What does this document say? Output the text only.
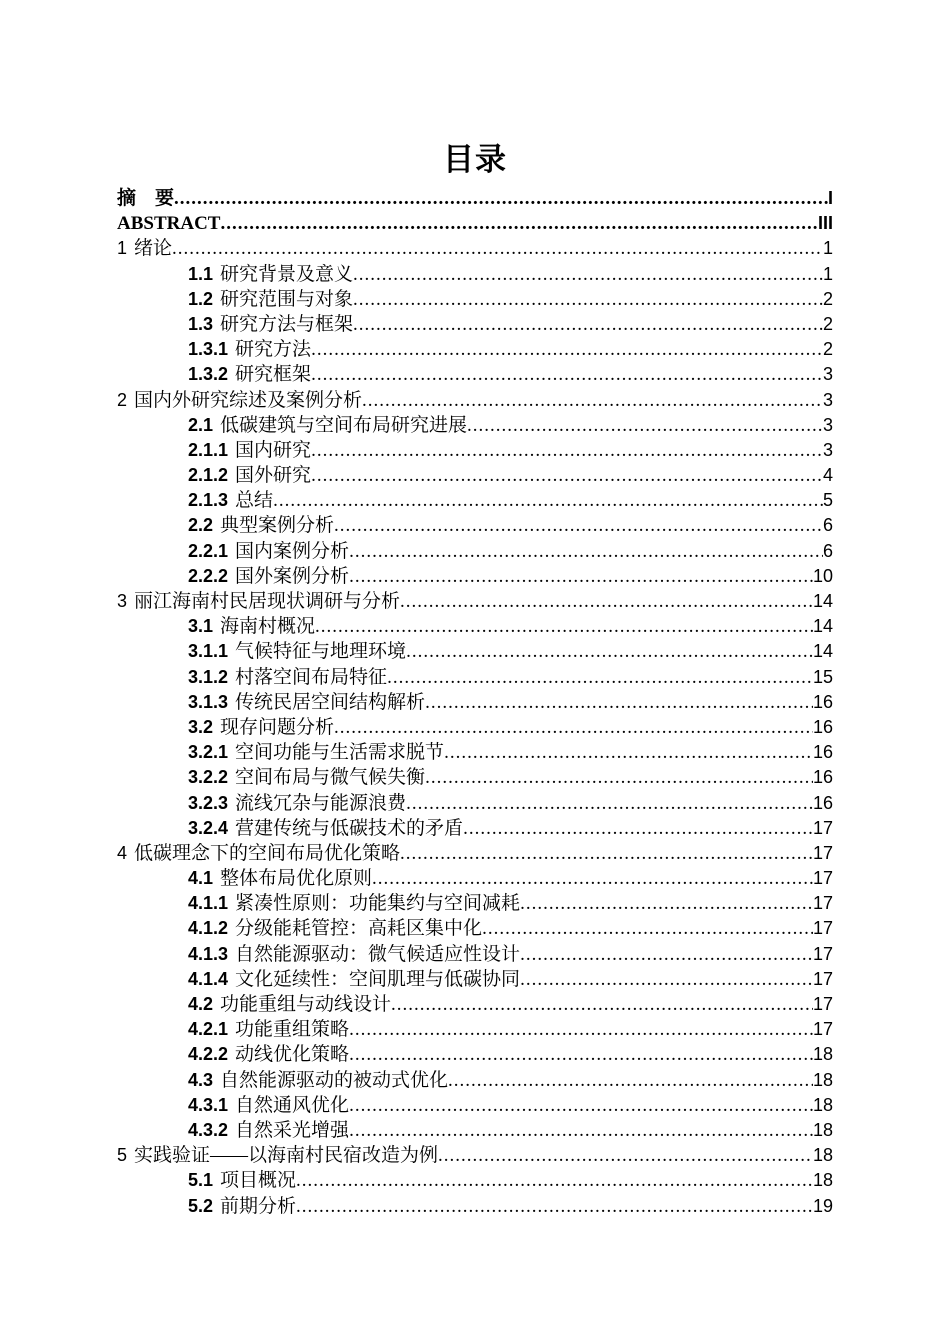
目录
摘　要 .....	I
ABSTRACT .....	III
1 绪论 .....	1
1.1 研究背景及意义 .....	1
1.2 研究范围与对象 .....	2
1.3 研究方法与框架 .....	2
1.3.1 研究方法 .....	2
1.3.2 研究框架 .....	3
2 国内外研究综述及案例分析 .....	3
2.1 低碳建筑与空间布局研究进展 .....	3
2.1.1 国内研究 .....	3
2.1.2 国外研究 .....	4
2.1.3 总结 .....	5
2.2 典型案例分析 .....	6
2.2.1 国内案例分析 .....	6
2.2.2 国外案例分析 .....	10
3 丽江海南村民居现状调研与分析 .....	14
3.1 海南村概况 .....	14
3.1.1 气候特征与地理环境 .....	14
3.1.2 村落空间布局特征 .....	15
3.1.3 传统民居空间结构解析 .....	16
3.2 现存问题分析 .....	16
3.2.1 空间功能与生活需求脱节 .....	16
3.2.2 空间布局与微气候失衡 .....	16
3.2.3 流线冗杂与能源浪费 .....	16
3.2.4 营建传统与低碳技术的矛盾 .....	17
4 低碳理念下的空间布局优化策略 .....	17
4.1 整体布局优化原则 .....	17
4.1.1 紧凑性原则：功能集约与空间减耗 .....	17
4.1.2 分级能耗管控：高耗区集中化 .....	17
4.1.3 自然能源驱动：微气候适应性设计 .....	17
4.1.4 文化延续性：空间肌理与低碳协同 .....	17
4.2 功能重组与动线设计 .....	17
4.2.1 功能重组策略 .....	17
4.2.2 动线优化策略 .....	18
4.3 自然能源驱动的被动式优化 .....	18
4.3.1 自然通风优化 .....	18
4.3.2 自然采光增强 .....	18
5 实践验证——以海南村民宿改造为例 .....	18
5.1 项目概况 .....	18
5.2 前期分析 .....	19
